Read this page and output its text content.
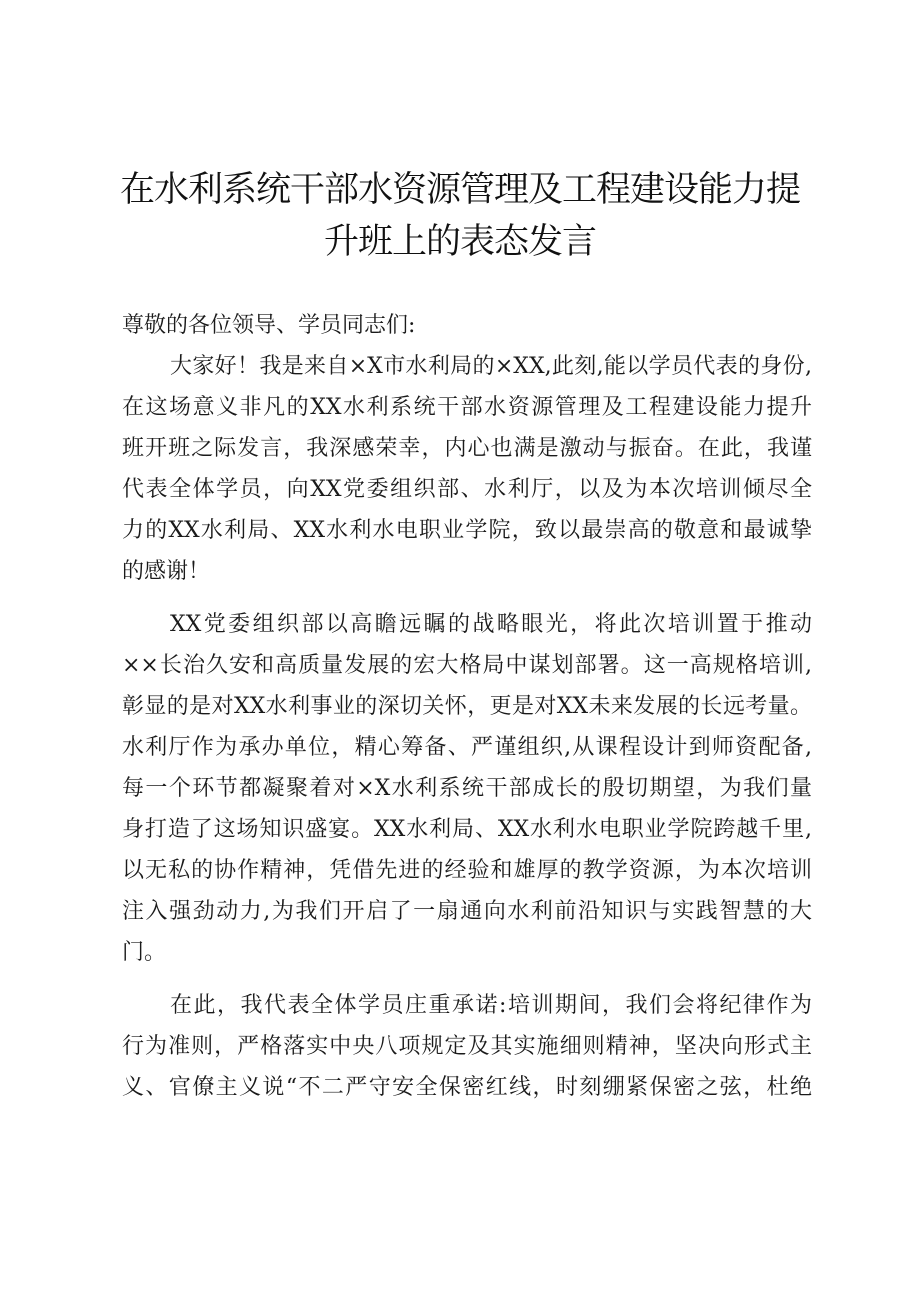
在水利系统干部水资源管理及工程建设能力提
升班上的表态发言
尊敬的各位领导、学员同志们:
大家好！我是来自×X市水利局的×XX,此刻,能以学员代表的身份,
在这场意义非凡的XX水利系统干部水资源管理及工程建设能力提升
班开班之际发言，我深感荣幸，内心也满是激动与振奋。在此，我谨
代表全体学员，向XX党委组织部、水利厅，以及为本次培训倾尽全
力的XX水利局、XX水利水电职业学院，致以最崇高的敬意和最诚挚
的感谢！
XX党委组织部以高瞻远瞩的战略眼光，将此次培训置于推动
××长治久安和高质量发展的宏大格局中谋划部署。这一高规格培训,
彰显的是对XX水利事业的深切关怀，更是对XX未来发展的长远考量。
水利厅作为承办单位，精心筹备、严谨组织,从课程设计到师资配备,
每一个环节都凝聚着对×X水利系统干部成长的殷切期望，为我们量
身打造了这场知识盛宴。XX水利局、XX水利水电职业学院跨越千里,
以无私的协作精神，凭借先进的经验和雄厚的教学资源，为本次培训
注入强劲动力,为我们开启了一扇通向水利前沿知识与实践智慧的大
门。
在此，我代表全体学员庄重承诺:培训期间，我们会将纪律作为
行为准则，严格落实中央八项规定及其实施细则精神，坚决向形式主
义、官僚主义说“不二严守安全保密红线，时刻绷紧保密之弦，杜绝
